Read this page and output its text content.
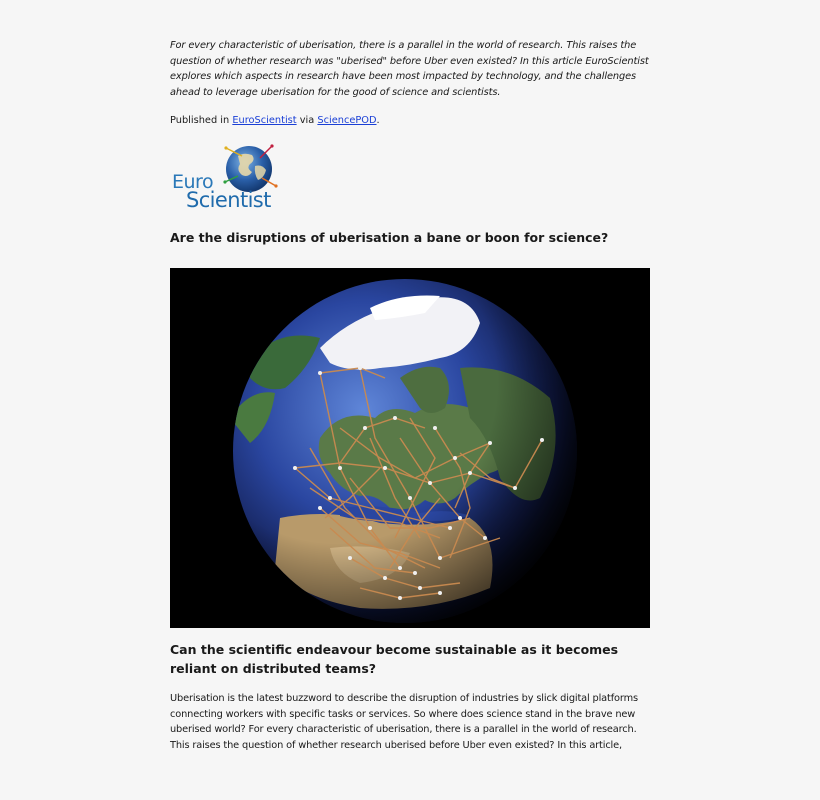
For every characteristic of uberisation, there is a parallel in the world of research. This raises the question of whether research was "uberised" before Uber even existed? In this article EuroScientist explores which aspects in research have been most impacted by technology, and the challenges ahead to leverage uberisation for the good of science and scientists.

Published in EuroScientist via SciencePOD.

Euro
Scientist
Are the disruptions of uberisation a bane or boon for science?
Can the scientific endeavour become sustainable as it becomes reliant on distributed teams?

Uberisation is the latest buzzword to describe the disruption of industries by slick digital platforms connecting workers with specific tasks or services. So where does science stand in the brave new uberised world? For every characteristic of uberisation, there is a parallel in the world of research. This raises the question of whether research uberised before Uber even existed? In this article,
